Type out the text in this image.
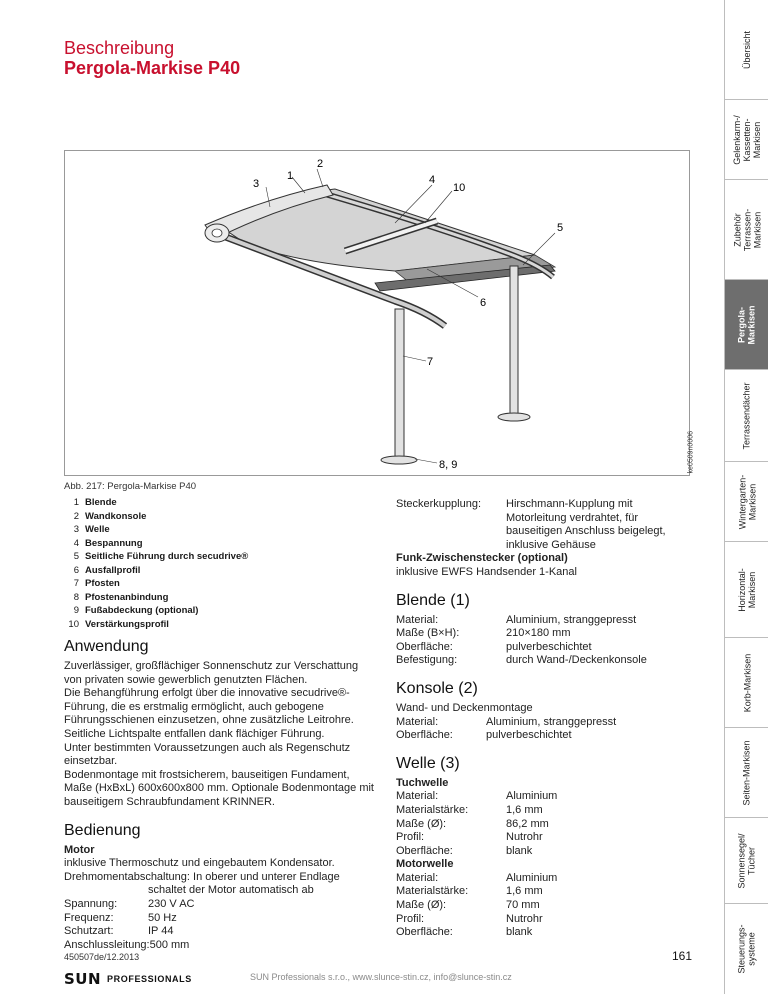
Beschreibung
Pergola-Markise P40
3
1
2
4
10
5
6
7
8, 9	ke0509n0006
Abb. 217: Pergola-Markise P40
1 Blende
2 Wandkonsole
3 Welle
4 Bespannung
5 Seitliche Führung durch secudrive®
6 Ausfallprofil
7 Pfosten
8 Pfostenanbindung
9 Fußabdeckung (optional)
10 Verstärkungsprofil
Anwendung
Zuverlässiger, großflächiger Sonnenschutz zur Verschattung von privaten sowie gewerblich genutzten Flächen.
Die Behangführung erfolgt über die innovative secudrive®-Führung, die es erstmalig ermöglicht, auch gebogene Führungsschienen einzusetzen, ohne zusätzliche Leitrohre. Seitliche Lichtspalte entfallen dank flächiger Führung.
Unter bestimmten Voraussetzungen auch als Regenschutz einsetzbar.
Bodenmontage mit frostsicherem, bauseitigen Fundament, Maße (HxBxL) 600x600x800 mm. Optionale Bodenmontage mit bauseitigem Schraubfundament KRINNER.
Bedienung
Motor
inklusive Thermoschutz und eingebautem Kondensator.
Drehmomentabschaltung: In oberer und unterer Endlage
schaltet der Motor automatisch ab
Spannung:	230 V AC
Frequenz:	50 Hz
Schutzart:	IP 44
Anschlussleitung: 500 mm
Steckerkupplung:	Hirschmann-Kupplung mit Motorleitung verdrahtet, für bauseitigen Anschluss beigelegt, inklusive Gehäuse
Funk-Zwischenstecker (optional)
inklusive EWFS Handsender 1-Kanal
Blende (1)
Material:	Aluminium, stranggepresst
Maße (B×H):	210×180 mm
Oberfläche:	pulverbeschichtet
Befestigung:	durch Wand-/Deckenkonsole
Konsole (2)
Wand- und Deckenmontage
Material:	Aluminium, stranggepresst
Oberfläche:	pulverbeschichtet
Welle (3)
Tuchwelle
Material:	Aluminium
Materialstärke:	1,6 mm
Maße (Ø):	86,2 mm
Profil:	Nutrohr
Oberfläche:	blank
Motorwelle
Material:	Aluminium
Materialstärke:	1,6 mm
Maße (Ø):	70 mm
Profil:	Nutrohr
Oberfläche:	blank
450507de/12.2013	161
SUN PROFESSIONALS	SUN Professionals s.r.o., www.slunce-stin.cz, info@slunce-stin.cz
Übersicht
Gelenkarm-/
Kassetten-
Markisen
Zubehör
Terrassen-
Markisen
Pergola-
Markisen
Terrassendächer
Wintergarten-
Markisen
Horizontal-
Markisen
Korb-Markisen
Seiten-Markisen
Sonnensegel/
Tücher
Steuerungs-
systeme
